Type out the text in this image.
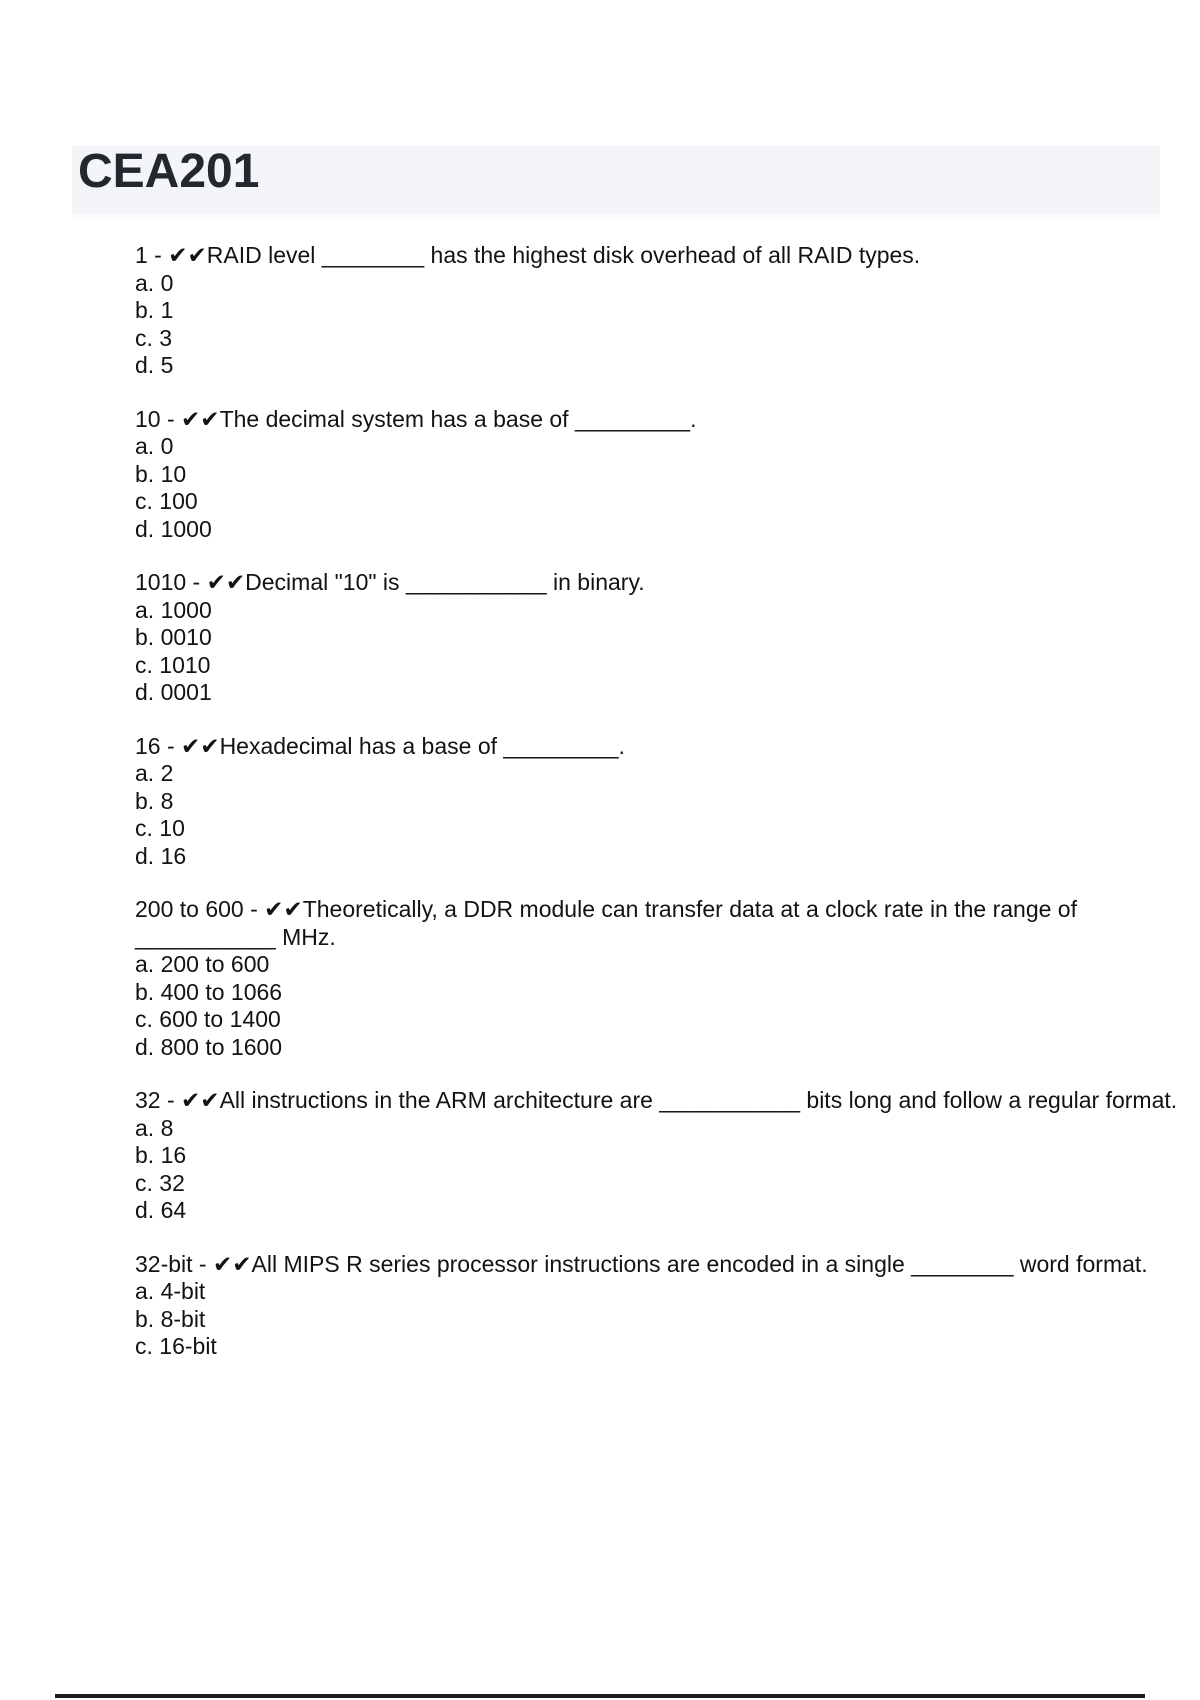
CEA201

1 - ✔✔RAID level ________ has the highest disk overhead of all RAID types.

a. 0

b. 1

c. 3

d. 5

10 - ✔✔The decimal system has a base of _________.

a. 0

b. 10

c. 100

d. 1000

1010 - ✔✔Decimal "10" is ___________ in binary.

a. 1000

b. 0010

c. 1010

d. 0001

16 - ✔✔Hexadecimal has a base of _________.

a. 2

b. 8

c. 10

d. 16

200 to 600 - ✔✔Theoretically, a DDR module can transfer data at a clock rate in the range of

___________ MHz.

a. 200 to 600

b. 400 to 1066

c. 600 to 1400

d. 800 to 1600

32 - ✔✔All instructions in the ARM architecture are ___________ bits long and follow a regular format.

a. 8

b. 16

c. 32

d. 64

32-bit - ✔✔All MIPS R series processor instructions are encoded in a single ________ word format.

a. 4-bit

b. 8-bit

c. 16-bit
